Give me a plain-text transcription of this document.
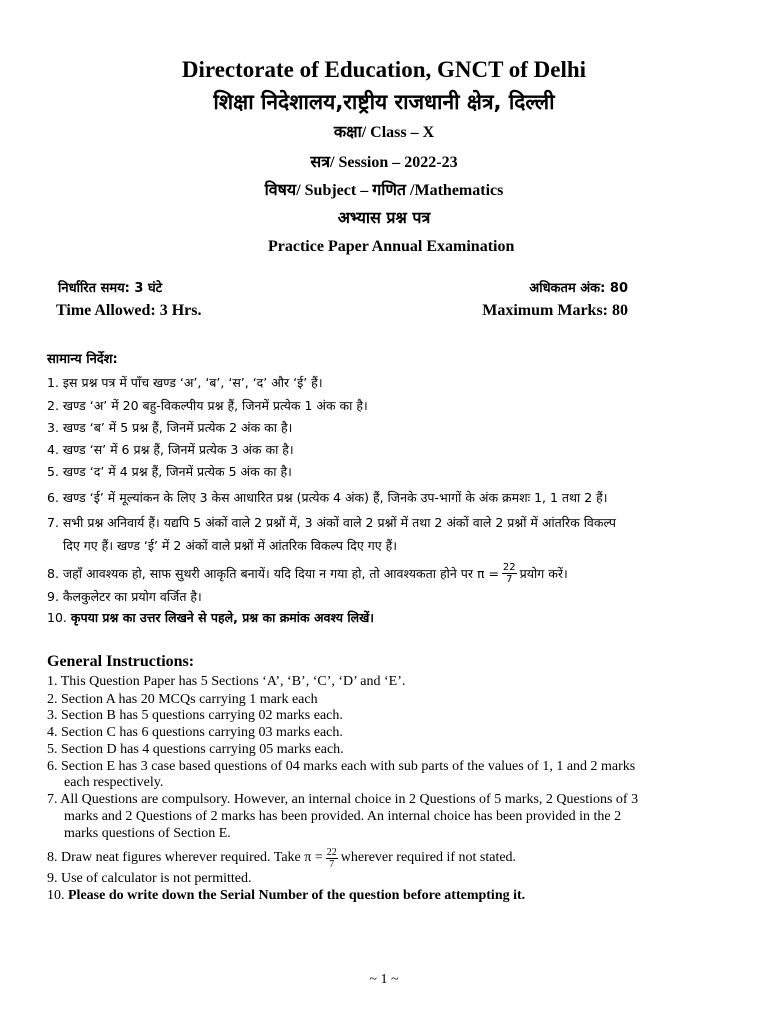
Directorate of Education, GNCT of Delhi
शिक्षा निदेशालय,राष्ट्रीय राजधानी क्षेत्र, दिल्ली
कक्षा/ Class – X
सत्र/ Session – 2022-23
विषय/ Subject – गणित /Mathematics
अभ्यास प्रश्न पत्र
Practice Paper Annual Examination
निर्धारित समय: 3 घंटे	अधिकतम अंक: 80
Time Allowed: 3 Hrs.	Maximum Marks: 80
सामान्य निर्देश:
1. इस प्रश्न पत्र में पाँच खण्ड ‘अ’, ‘ब’, ‘स’, ‘द’ और ‘ई’ हैं।
2. खण्ड ‘अ’ में 20 बहु-विकल्पीय प्रश्न हैं, जिनमें प्रत्येक 1 अंक का है।
3. खण्ड ‘ब’ में 5 प्रश्न हैं, जिनमें प्रत्येक 2 अंक का है।
4. खण्ड ‘स’ में 6 प्रश्न हैं, जिनमें प्रत्येक 3 अंक का है।
5. खण्ड ‘द’ में 4 प्रश्न हैं, जिनमें प्रत्येक 5 अंक का है।
6. खण्ड ‘ई’ में मूल्यांकन के लिए 3 केस आधारित प्रश्न (प्रत्येक 4 अंक) हैं, जिनके उप-भागों के अंक क्रमशः 1, 1 तथा 2 हैं।
7. सभी प्रश्न अनिवार्य हैं। यद्यपि 5 अंकों वाले 2 प्रश्नों में, 3 अंकों वाले 2 प्रश्नों में तथा 2 अंकों वाले 2 प्रश्नों में आंतरिक विकल्प
दिए गए हैं। खण्ड ‘ई’ में 2 अंकों वाले प्रश्नों में आंतरिक विकल्प दिए गए हैं।
8. जहाँ आवश्यक हो, साफ सुथरी आकृति बनायें। यदि दिया न गया हो, तो आवश्यकता होने पर $\pi = \frac{22}{7}$ प्रयोग करें।
9. कैलकुलेटर का प्रयोग वर्जित है।
10. कृपया प्रश्न का उत्तर लिखने से पहले, प्रश्न का क्रमांक अवश्य लिखें।
General Instructions:
1. This Question Paper has 5 Sections ‘A’, ‘B’, ‘C’, ‘D’ and ‘E’.
2. Section A has 20 MCQs carrying 1 mark each
3. Section B has 5 questions carrying 02 marks each.
4. Section C has 6 questions carrying 03 marks each.
5. Section D has 4 questions carrying 05 marks each.
6. Section E has 3 case based questions of 04 marks each with sub parts of the values of 1, 1 and 2 marks
each respectively.
7. All Questions are compulsory. However, an internal choice in 2 Questions of 5 marks, 2 Questions of 3
marks and 2 Questions of 2 marks has been provided. An internal choice has been provided in the 2
marks questions of Section E.
8. Draw neat figures wherever required. Take $\pi = \frac{22}{7}$ wherever required if not stated.
9. Use of calculator is not permitted.
10. Please do write down the Serial Number of the question before attempting it.
~ 1 ~
